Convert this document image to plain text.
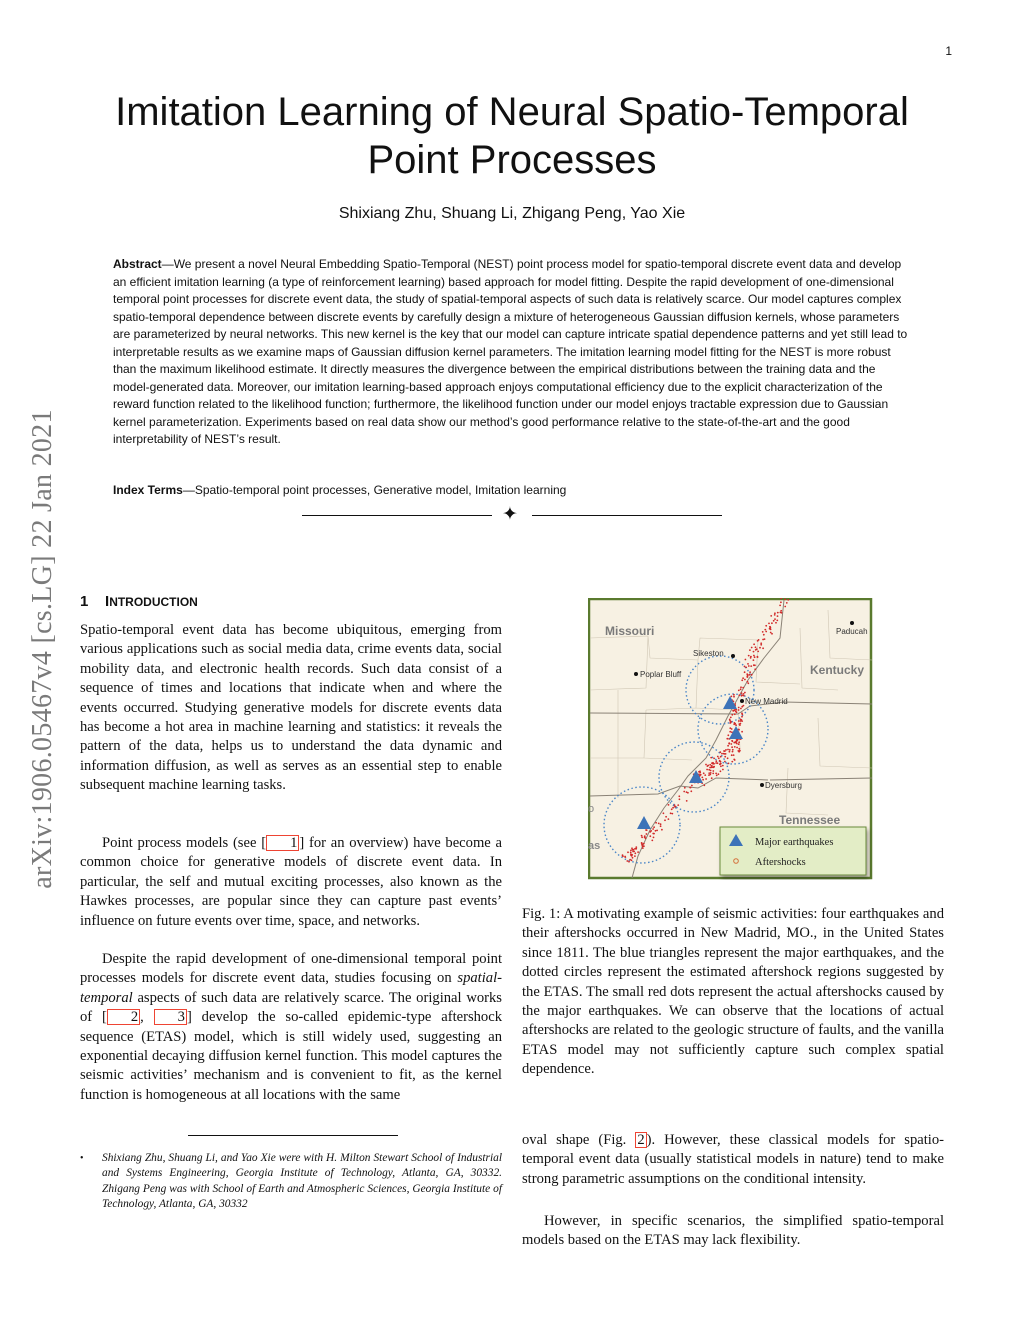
1
arXiv:1906.05467v4 [cs.LG] 22 Jan 2021
Imitation Learning of Neural Spatio-Temporal Point Processes
Shixiang Zhu, Shuang Li, Zhigang Peng, Yao Xie

Abstract—We present a novel Neural Embedding Spatio-Temporal (NEST) point process model for spatio-temporal discrete event data and develop an efficient imitation learning (a type of reinforcement learning) based approach for model fitting. Despite the rapid development of one-dimensional temporal point processes for discrete event data, the study of spatial-temporal aspects of such data is relatively scarce. Our model captures complex spatio-temporal dependence between discrete events by carefully design a mixture of heterogeneous Gaussian diffusion kernels, whose parameters are parameterized by neural networks. This new kernel is the key that our model can capture intricate spatial dependence patterns and yet still lead to interpretable results as we examine maps of Gaussian diffusion kernel parameters. The imitation learning model fitting for the NEST is more robust than the maximum likelihood estimate. It directly measures the divergence between the empirical distributions between the training data and the model-generated data. Moreover, our imitation learning-based approach enjoys computational efficiency due to the explicit characterization of the reward function related to the likelihood function; furthermore, the likelihood function under our model enjoys tractable expression due to Gaussian kernel parameterization. Experiments based on real data show our method’s good performance relative to the state-of-the-art and the good interpretability of NEST’s result.

Index Terms—Spatio-temporal point processes, Generative model, Imitation learning

✦
1 INTRODUCTION

Spatio-temporal event data has become ubiquitous, emerging from various applications such as social media data, crime events data, social mobility data, and electronic health records. Such data consist of a sequence of times and locations that indicate when and where the events occurred. Studying generative models for discrete events data has become a hot area in machine learning and statistics: it reveals the pattern of the data, helps us to understand the data dynamic and information diffusion, as well as serves as an essential step to enable subsequent machine learning tasks.

Point process models (see [ 1 ] for an overview) have become a common choice for generative models of discrete event data. In particular, the self and mutual exciting processes, also known as the Hawkes processes, are popular since they can capture past events’ influence on future events over time, space, and networks.

Despite the rapid development of one-dimensional temporal point processes models for discrete event data, studies focusing on spatial-temporal aspects of such data are relatively scarce. The original works of [ 2 , 3 ] develop the so-called epidemic-type aftershock sequence (ETAS) model, which is still widely used, suggesting an exponential decaying diffusion kernel function. This model captures the seismic activities’ mechanism and is convenient to fit, as the kernel function is homogeneous at all locations with the same

• Shixiang Zhu, Shuang Li, and Yao Xie were with H. Milton Stewart School of Industrial and Systems Engineering, Georgia Institute of Technology, Atlanta, GA, 30332. Zhigang Peng was with School of Earth and Atmospheric Sciences, Georgia Institute of Technology, Atlanta, GA, 30332

Missouri
Kentucky
Tennessee
Paducah
Sikeston
Poplar Bluff
New Madrid
Dyersburg
o
as	Major earthquakes
Aftershocks

Fig. 1: A motivating example of seismic activities: four earthquakes and their aftershocks occurred in New Madrid, MO., in the United States since 1811. The blue triangles represent the major earthquakes, and the dotted circles represent the estimated aftershock regions suggested by the ETAS. The small red dots represent the actual aftershocks caused by the major earthquakes. We can observe that the locations of actual aftershocks are related to the geologic structure of faults, and the vanilla ETAS model may not sufficiently capture such complex spatial dependence.

oval shape (Fig. 2 ). However, these classical models for spatio-temporal event data (usually statistical models in nature) tend to make strong parametric assumptions on the conditional intensity.

However, in specific scenarios, the simplified spatio-temporal models based on the ETAS may lack flexibility.
